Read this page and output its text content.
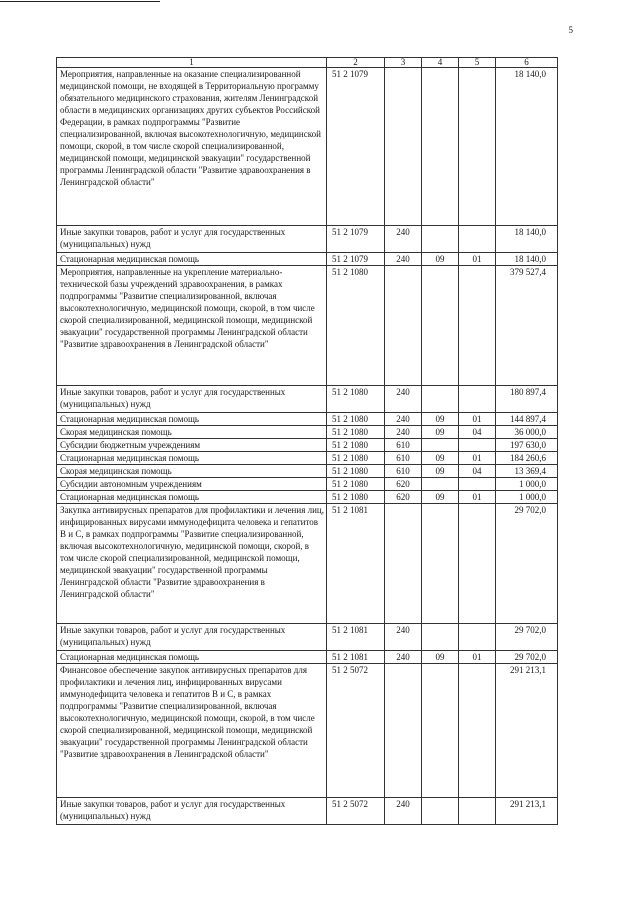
5
1	2	3	4	5	6
Мероприятия, направленные на оказание специализированной медицинской помощи, не входящей в Территориальную программу обязательного медицинского страхования, жителям Ленинградской области в медицинских организациях других субъектов Российской Федерации, в рамках подпрограммы "Развитие специализированной, включая высокотехнологичную, медицинской помощи, скорой, в том числе скорой специализированной, медицинской помощи, медицинской эвакуации" государственной программы Ленинградской области "Развитие здравоохранения в Ленинградской области"	51 2 1079				18 140,0
Иные закупки товаров, работ и услуг для государственных (муниципальных) нужд	51 2 1079	240			18 140,0
Стационарная медицинская помощь	51 2 1079	240	09	01	18 140,0
Мероприятия, направленные на укрепление материально-технической базы учреждений здравоохранения, в рамках подпрограммы "Развитие специализированной, включая высокотехнологичную, медицинской помощи, скорой, в том числе скорой специализированной, медицинской помощи, медицинской эвакуации" государственной программы Ленинградской области "Развитие здравоохранения в Ленинградской области"	51 2 1080				379 527,4
Иные закупки товаров, работ и услуг для государственных (муниципальных) нужд	51 2 1080	240			180 897,4
Стационарная медицинская помощь	51 2 1080	240	09	01	144 897,4
Скорая медицинская помощь	51 2 1080	240	09	04	36 000,0
Субсидии бюджетным учреждениям	51 2 1080	610			197 630,0
Стационарная медицинская помощь	51 2 1080	610	09	01	184 260,6
Скорая медицинская помощь	51 2 1080	610	09	04	13 369,4
Субсидии автономным учреждениям	51 2 1080	620			1 000,0
Стационарная медицинская помощь	51 2 1080	620	09	01	1 000,0
Закупка антивирусных препаратов для профилактики и лечения лиц, инфицированных вирусами иммунодефицита человека и гепатитов B и C, в рамках подпрограммы "Развитие специализированной, включая высокотехнологичную, медицинской помощи, скорой, в том числе скорой специализированной, медицинской помощи, медицинской эвакуации" государственной программы Ленинградской области "Развитие здравоохранения в Ленинградской области"	51 2 1081				29 702,0
Иные закупки товаров, работ и услуг для государственных (муниципальных) нужд	51 2 1081	240			29 702,0
Стационарная медицинская помощь	51 2 1081	240	09	01	29 702,0
Финансовое обеспечение закупок антивирусных препаратов для профилактики и лечения лиц, инфицированных вирусами иммунодефицита человека и гепатитов B и C, в рамках подпрограммы "Развитие специализированной, включая высокотехнологичную, медицинской помощи, скорой, в том числе скорой специализированной, медицинской помощи, медицинской эвакуации" государственной программы Ленинградской области "Развитие здравоохранения в Ленинградской области"	51 2 5072				291 213,1
Иные закупки товаров, работ и услуг для государственных (муниципальных) нужд	51 2 5072	240			291 213,1
